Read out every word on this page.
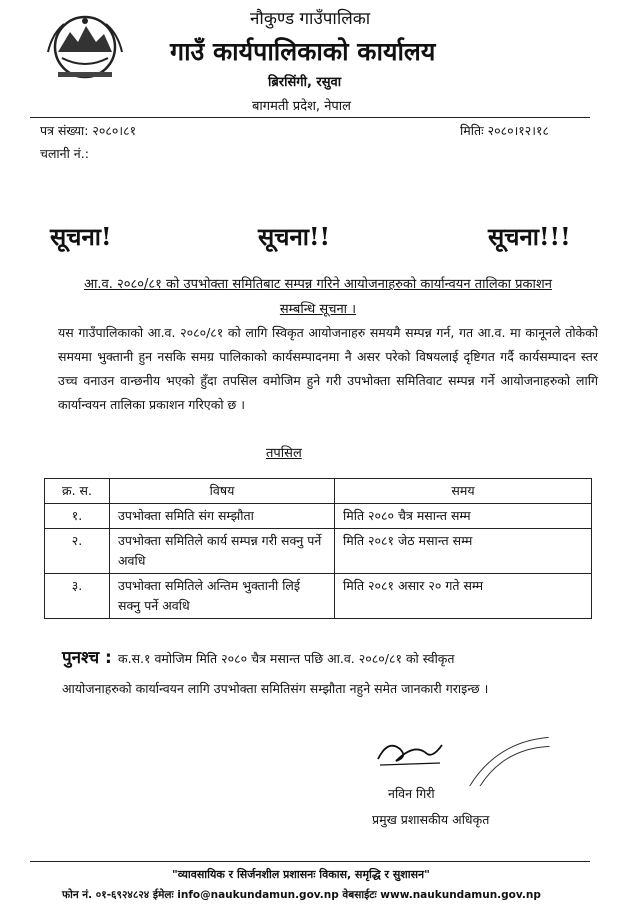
नौकुण्ड गाउँपालिका
गाउँ कार्यपालिकाको कार्यालय
ब्रिरसिंगी, रसुवा
बागमती प्रदेश, नेपाल
पत्र संख्या: २०८०।८१	मितिः २०८०।१२।१८
चलानी नं.:
सूचना!	सूचना!!	सूचना!!!
आ.व. २०८०/८१ को उपभोक्ता समितिबाट सम्पन्न गरिने आयोजनाहरुको कार्यान्वयन तालिका प्रकाशन
सम्बन्धि सूचना ।
यस गाउँपालिकाको आ.व. २०८०/८१ को लागि स्विकृत आयोजनाहरु समयमै सम्पन्न गर्न, गत आ.व. मा कानूनले तोकेको समयमा भुक्तानी हुन नसकि समग्र पालिकाको कार्यसम्पादनमा नै असर परेको विषयलाई दृष्टिगत गर्दै कार्यसम्पादन स्तर उच्च वनाउन वान्छनीय भएको हुँदा तपसिल वमोजिम हुने गरी उपभोक्ता समितिवाट सम्पन्न गर्ने आयोजनाहरुको लागि कार्यान्वयन तालिका प्रकाशन गरिएको छ ।
तपसिल
क्र. स.	विषय	समय
१.	उपभोक्ता समिति संग सम्झौता	मिति २०८० चैत्र मसान्त सम्म
२.	उपभोक्ता समितिले कार्य सम्पन्न गरी सक्नु पर्ने अवधि	मिति २०८१ जेठ मसान्त सम्म
३.	उपभोक्ता समितिले अन्तिम भुक्तानी लिई सक्नु पर्ने अवधि	मिति २०८१ असार २० गते सम्म
पुनश्च : क.स.१ वमोजिम मिति २०८० चैत्र मसान्त पछि आ.व. २०८०/८१ को स्वीकृत
आयोजनाहरुको कार्यान्वयन लागि उपभोक्ता समितिसंग सम्झौता नहुने समेत जानकारी गराइन्छ ।
नविन गिरी
प्रमुख प्रशासकीय अधिकृत
"व्यावसायिक र सिर्जनशील प्रशासनः विकास, समृद्धि र सुशासन"
फोन नं. ०१-६९२४८२४ ईमेलः info@naukundamun.gov.np वेबसाईटः www.naukundamun.gov.np
